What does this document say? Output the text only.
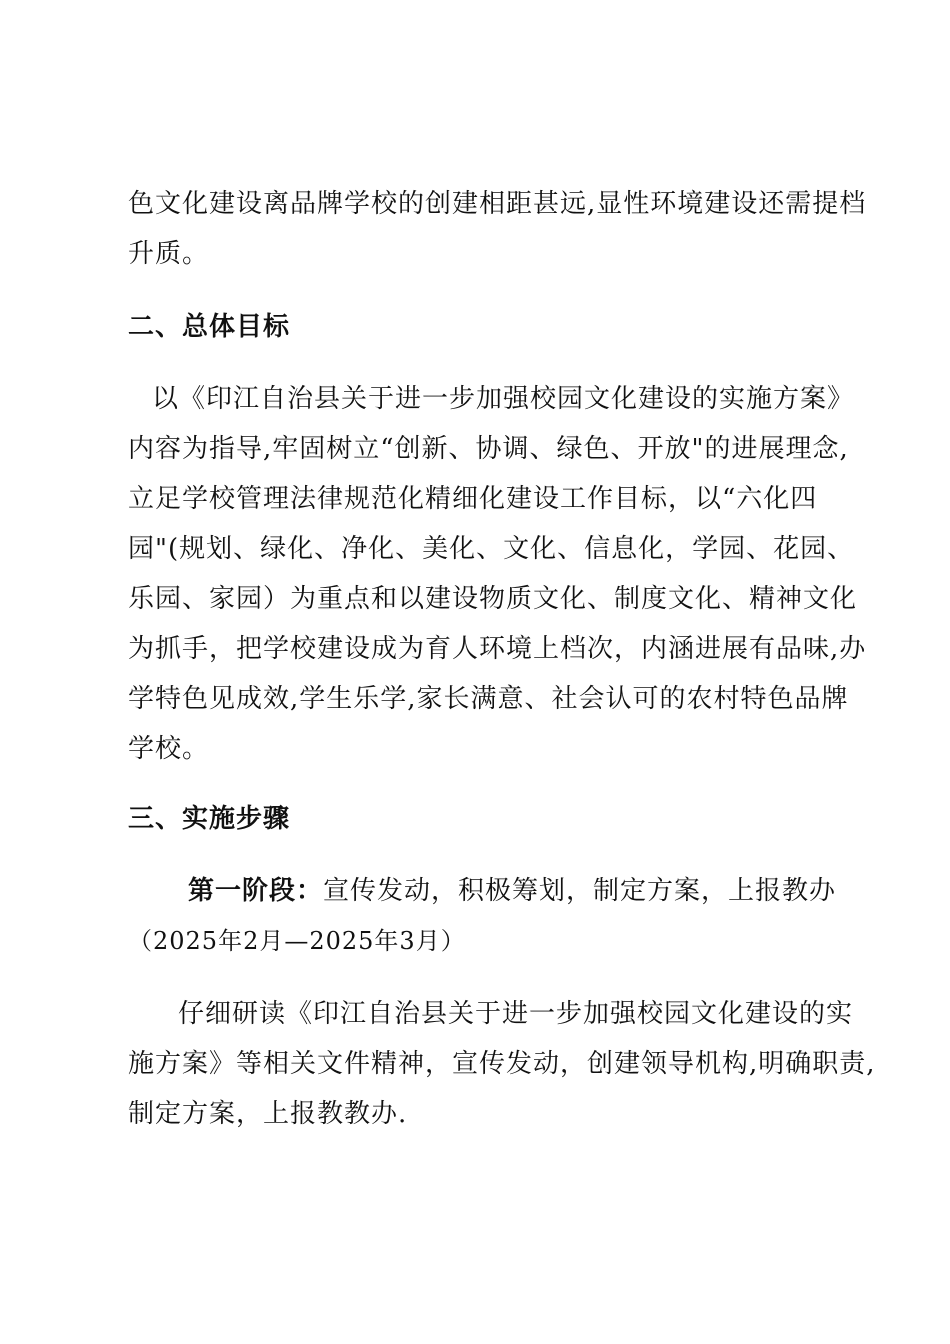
色文化建设离品牌学校的创建相距甚远,显性环境建设还需提档
升质。
二、总体目标
以《印江自治县关于进一步加强校园文化建设的实施方案》
内容为指导,牢固树立“创新、协调、绿色、开放"的进展理念,
立足学校管理法律规范化精细化建设工作目标，以“六化四
园"(规划、绿化、净化、美化、文化、信息化，学园、花园、
乐园、家园）为重点和以建设物质文化、制度文化、精神文化
为抓手，把学校建设成为育人环境上档次，内涵进展有品味,办
学特色见成效,学生乐学,家长满意、社会认可的农村特色品牌
学校。
三、实施步骤
第一阶段：宣传发动，积极筹划，制定方案，上报教办
（2025年2月—2025年3月）
仔细研读《印江自治县关于进一步加强校园文化建设的实
施方案》等相关文件精神，宣传发动，创建领导机构,明确职责,
制定方案，上报教教办.
